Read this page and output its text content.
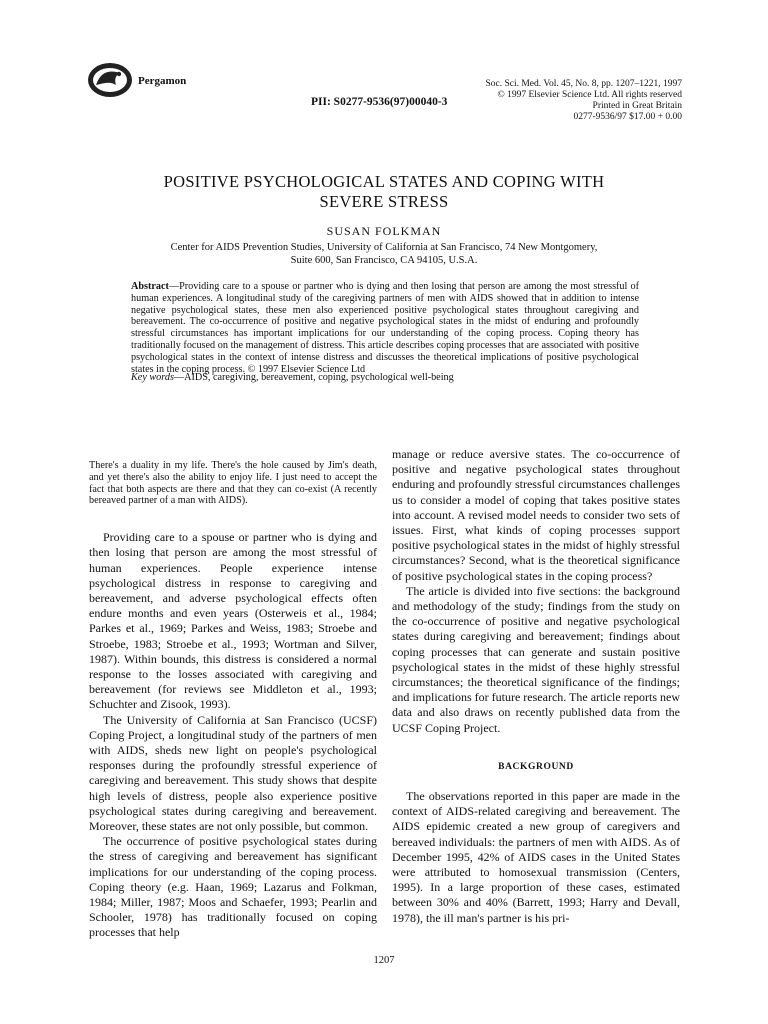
Pergamon
PII: S0277-9536(97)00040-3
Soc. Sci. Med. Vol. 45, No. 8, pp. 1207–1221, 1997
© 1997 Elsevier Science Ltd. All rights reserved
Printed in Great Britain
0277-9536/97 $17.00 + 0.00
POSITIVE PSYCHOLOGICAL STATES AND COPING WITH
SEVERE STRESS
SUSAN FOLKMAN
Center for AIDS Prevention Studies, University of California at San Francisco, 74 New Montgomery,
Suite 600, San Francisco, CA 94105, U.S.A.
Abstract—Providing care to a spouse or partner who is dying and then losing that person are among the most stressful of human experiences. A longitudinal study of the caregiving partners of men with AIDS showed that in addition to intense negative psychological states, these men also experienced positive psychological states throughout caregiving and bereavement. The co-occurrence of positive and negative psychological states in the midst of enduring and profoundly stressful circumstances has important implications for our understanding of the coping process. Coping theory has traditionally focused on the management of distress. This article describes coping processes that are associated with positive psychological states in the context of intense distress and discusses the theoretical implications of positive psychological states in the coping process. © 1997 Elsevier Science Ltd
Key words—AIDS, caregiving, bereavement, coping, psychological well-being
There's a duality in my life. There's the hole caused by Jim's death, and yet there's also the ability to enjoy life. I just need to accept the fact that both aspects are there and that they can co-exist (A recently bereaved partner of a man with AIDS).

Providing care to a spouse or partner who is dying and then losing that person are among the most stressful of human experiences. People experience intense psychological distress in response to caregiving and bereavement, and adverse psychological effects often endure months and even years (Osterweis et al., 1984; Parkes et al., 1969; Parkes and Weiss, 1983; Stroebe and Stroebe, 1983; Stroebe et al., 1993; Wortman and Silver, 1987). Within bounds, this distress is considered a normal response to the losses associated with caregiving and bereavement (for reviews see Middleton et al., 1993; Schuchter and Zisook, 1993).

The University of California at San Francisco (UCSF) Coping Project, a longitudinal study of the partners of men with AIDS, sheds new light on people's psychological responses during the profoundly stressful experience of caregiving and bereavement. This study shows that despite high levels of distress, people also experience positive psychological states during caregiving and bereavement. Moreover, these states are not only possible, but common.

The occurrence of positive psychological states during the stress of caregiving and bereavement has significant implications for our understanding of the coping process. Coping theory (e.g. Haan, 1969; Lazarus and Folkman, 1984; Miller, 1987; Moos and Schaefer, 1993; Pearlin and Schooler, 1978) has traditionally focused on coping processes that help

manage or reduce aversive states. The co-occurrence of positive and negative psychological states throughout enduring and profoundly stressful circumstances challenges us to consider a model of coping that takes positive states into account. A revised model needs to consider two sets of issues. First, what kinds of coping processes support positive psychological states in the midst of highly stressful circumstances? Second, what is the theoretical significance of positive psychological states in the coping process?

The article is divided into five sections: the background and methodology of the study; findings from the study on the co-occurrence of positive and negative psychological states during caregiving and bereavement; findings about coping processes that can generate and sustain positive psychological states in the midst of these highly stressful circumstances; the theoretical significance of the findings; and implications for future research. The article reports new data and also draws on recently published data from the UCSF Coping Project.

BACKGROUND

The observations reported in this paper are made in the context of AIDS-related caregiving and bereavement. The AIDS epidemic created a new group of caregivers and bereaved individuals: the partners of men with AIDS. As of December 1995, 42% of AIDS cases in the United States were attributed to homosexual transmission (Centers, 1995). In a large proportion of these cases, estimated between 30% and 40% (Barrett, 1993; Harry and Devall, 1978), the ill man's partner is his pri-

1207
